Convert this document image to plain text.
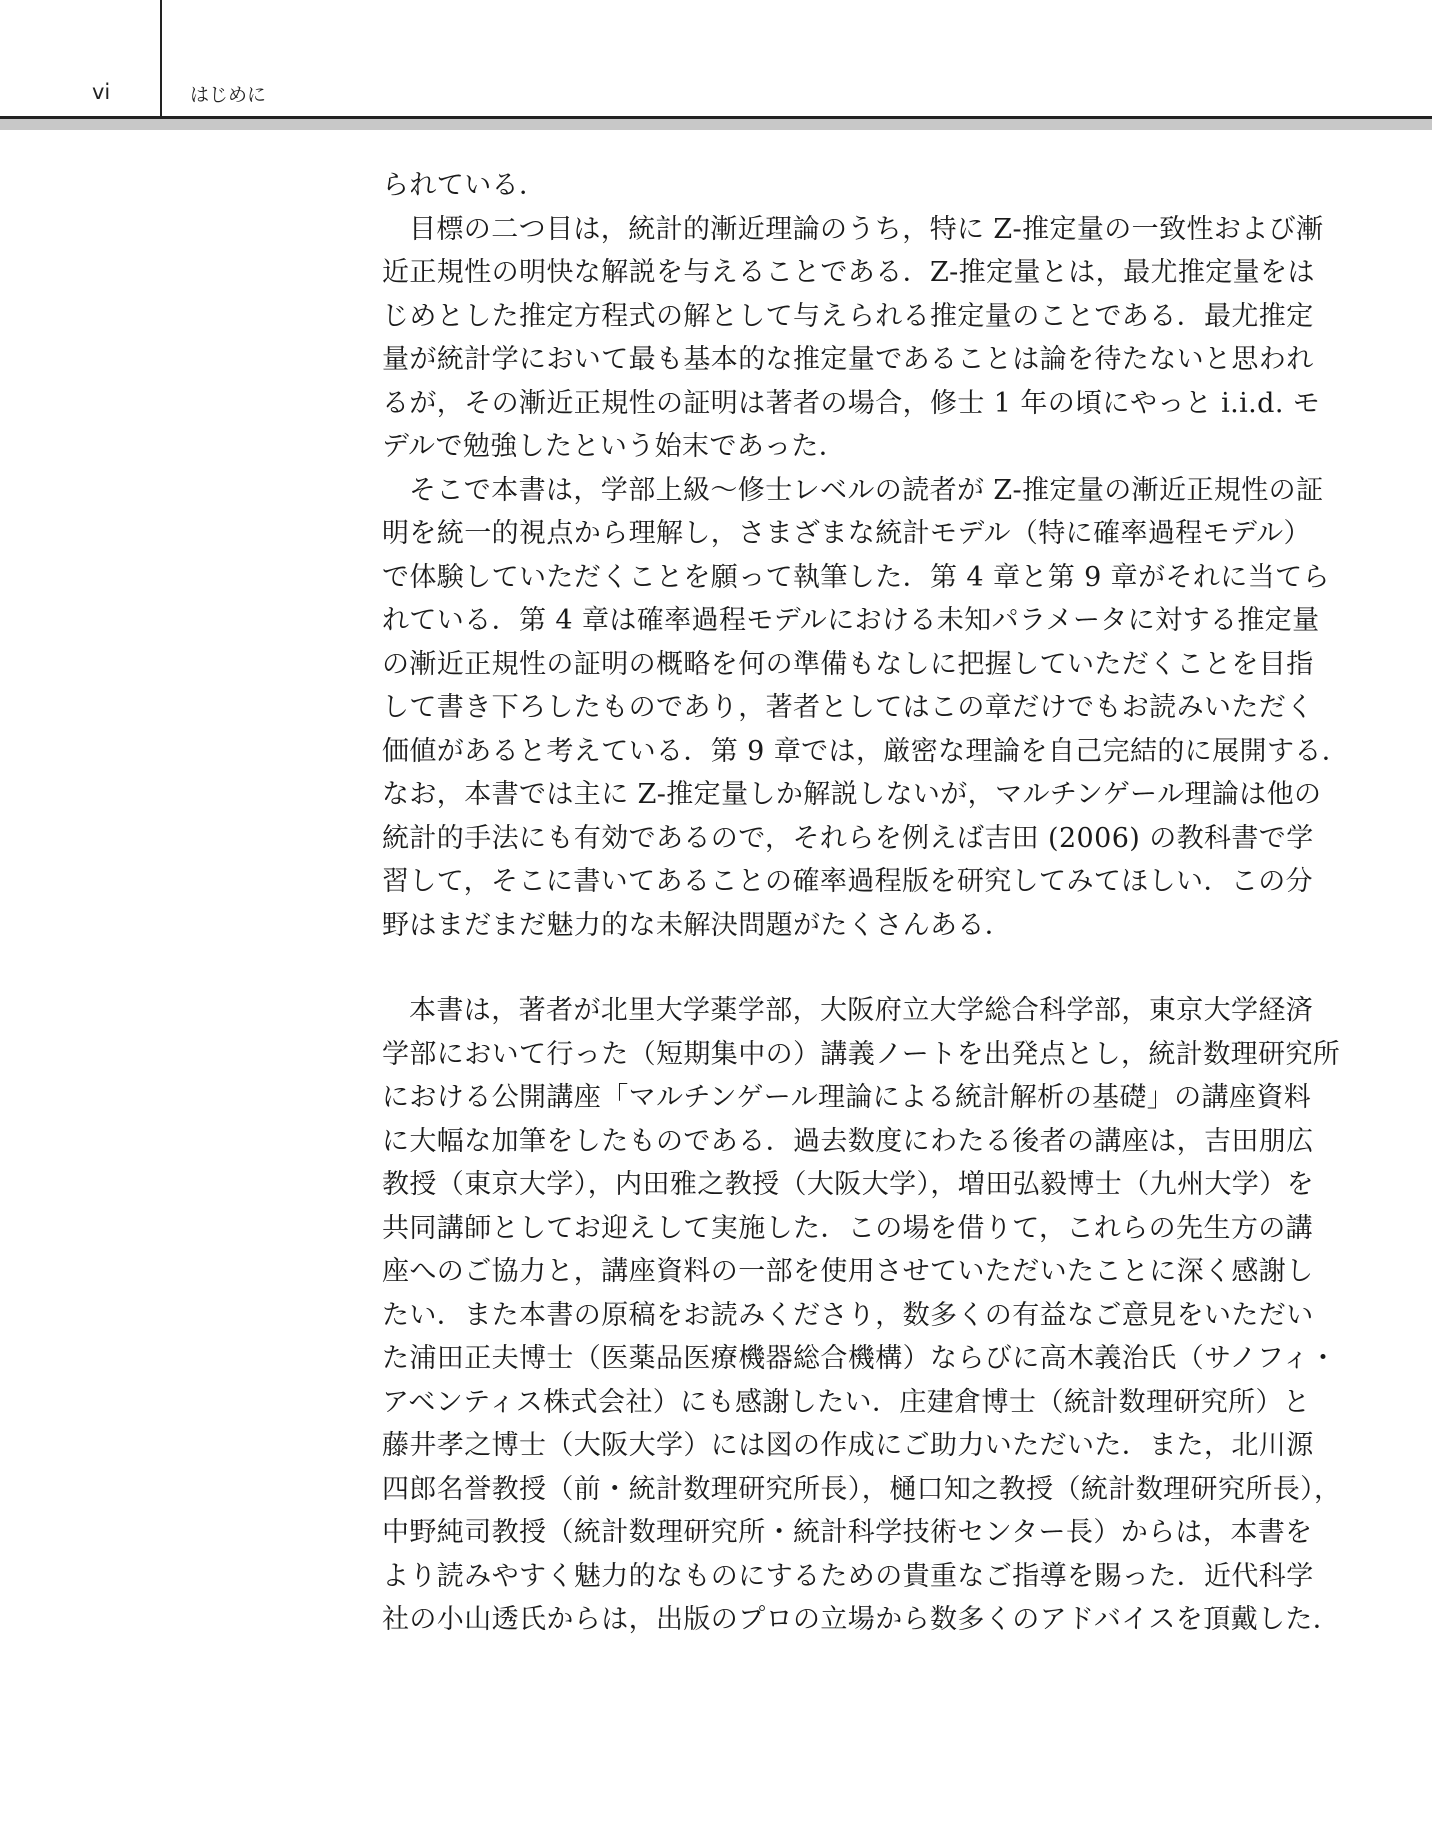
vi	はじめに
られている．
目標の二つ目は，統計的漸近理論のうち，特に Z-推定量の一致性および漸
近正規性の明快な解説を与えることである．Z-推定量とは，最尤推定量をは
じめとした推定方程式の解として与えられる推定量のことである．最尤推定
量が統計学において最も基本的な推定量であることは論を待たないと思われ
るが，その漸近正規性の証明は著者の場合，修士 1 年の頃にやっと i.i.d. モ
デルで勉強したという始末であった．
そこで本書は，学部上級～修士レベルの読者が Z-推定量の漸近正規性の証
明を統一的視点から理解し，さまざまな統計モデル（特に確率過程モデル）
で体験していただくことを願って執筆した．第 4 章と第 9 章がそれに当てら
れている．第 4 章は確率過程モデルにおける未知パラメータに対する推定量
の漸近正規性の証明の概略を何の準備もなしに把握していただくことを目指
して書き下ろしたものであり，著者としてはこの章だけでもお読みいただく
価値があると考えている．第 9 章では，厳密な理論を自己完結的に展開する．
なお，本書では主に Z-推定量しか解説しないが，マルチンゲール理論は他の
統計的手法にも有効であるので，それらを例えば吉田 (2006) の教科書で学
習して，そこに書いてあることの確率過程版を研究してみてほしい．この分
野はまだまだ魅力的な未解決問題がたくさんある．
本書は，著者が北里大学薬学部，大阪府立大学総合科学部，東京大学経済
学部において行った（短期集中の）講義ノートを出発点とし，統計数理研究所
における公開講座「マルチンゲール理論による統計解析の基礎」の講座資料
に大幅な加筆をしたものである．過去数度にわたる後者の講座は，吉田朋広
教授（東京大学），内田雅之教授（大阪大学），増田弘毅博士（九州大学）を
共同講師としてお迎えして実施した．この場を借りて，これらの先生方の講
座へのご協力と，講座資料の一部を使用させていただいたことに深く感謝し
たい．また本書の原稿をお読みくださり，数多くの有益なご意見をいただい
た浦田正夫博士（医薬品医療機器総合機構）ならびに高木義治氏（サノフィ・
アベンティス株式会社）にも感謝したい．庄建倉博士（統計数理研究所）と
藤井孝之博士（大阪大学）には図の作成にご助力いただいた．また，北川源
四郎名誉教授（前・統計数理研究所長），樋口知之教授（統計数理研究所長），
中野純司教授（統計数理研究所・統計科学技術センター長）からは，本書を
より読みやすく魅力的なものにするための貴重なご指導を賜った．近代科学
社の小山透氏からは，出版のプロの立場から数多くのアドバイスを頂戴した．
